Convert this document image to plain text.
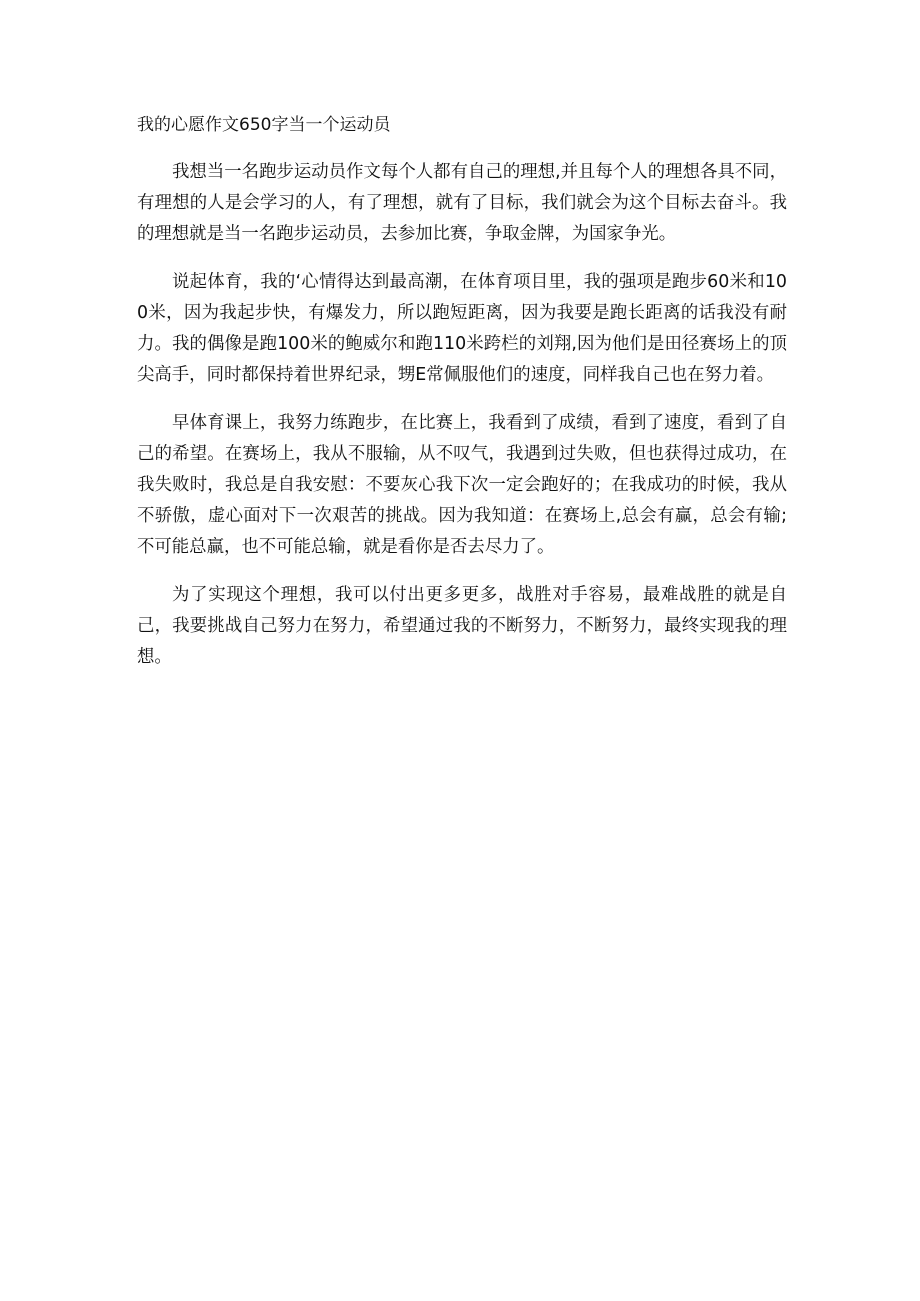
我的心愿作文650字当一个运动员

我想当一名跑步运动员作文每个人都有自己的理想,并且每个人的理想各具不同，有理想的人是会学习的人，有了理想，就有了目标，我们就会为这个目标去奋斗。我的理想就是当一名跑步运动员，去参加比赛，争取金牌，为国家争光。

说起体育，我的‘心情得达到最高潮，在体育项目里，我的强项是跑步60米和100米，因为我起步快，有爆发力，所以跑短距离，因为我要是跑长距离的话我没有耐力。我的偶像是跑100米的鲍威尔和跑110米跨栏的刘翔,因为他们是田径赛场上的顶尖高手，同时都保持着世界纪录，甥E常佩服他们的速度，同样我自己也在努力着。

早体育课上，我努力练跑步，在比赛上，我看到了成绩，看到了速度，看到了自己的希望。在赛场上，我从不服输，从不叹气，我遇到过失败，但也获得过成功，在我失败时，我总是自我安慰：不要灰心我下次一定会跑好的；在我成功的时候，我从不骄傲，虚心面对下一次艰苦的挑战。因为我知道：在赛场上,总会有赢，总会有输;不可能总赢，也不可能总输，就是看你是否去尽力了。

为了实现这个理想，我可以付出更多更多，战胜对手容易，最难战胜的就是自己，我要挑战自己努力在努力，希望通过我的不断努力，不断努力，最终实现我的理想。
